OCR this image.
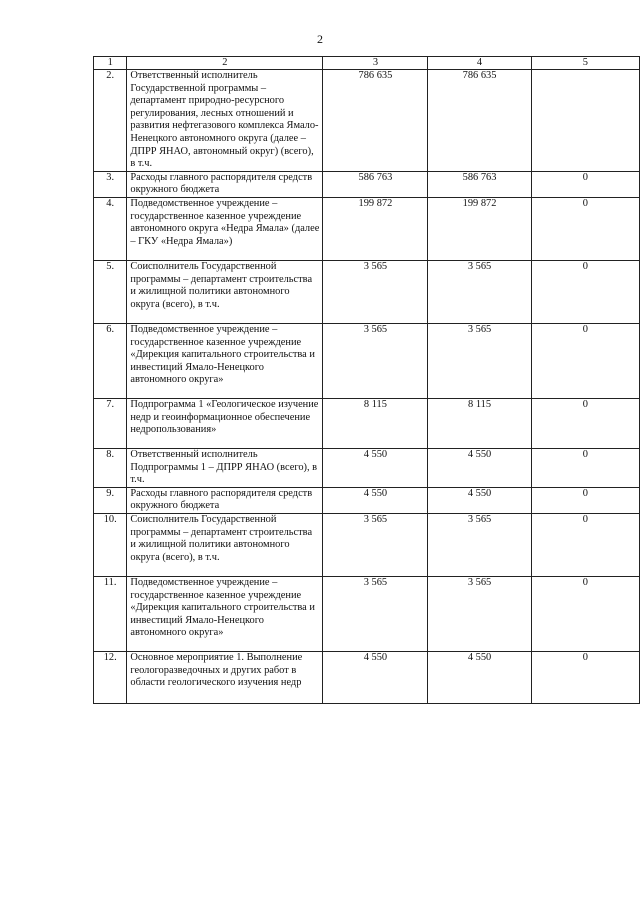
2
1	2	3	4	5
2.	Ответственный исполнитель Государственной программы – департамент природно-ресурсного регулирования, лесных отношений и развития нефтегазового комплекса Ямало- Ненецкого автономного округа (далее – ДПРР ЯНАО, автономный округ) (всего), в т.ч.	786 635	786 635	
3.	Расходы главного распорядителя средств окружного бюджета	586 763	586 763	0
4.	Подведомственное учреждение – государственное казенное учреждение автономного округа «Недра Ямала» (далее – ГКУ «Недра Ямала»)	199 872	199 872	0
5.	Соисполнитель Государственной программы – департамент строительства и жилищной политики автономного округа (всего), в т.ч.	3 565	3 565	0
6.	Подведомственное учреждение – государственное казенное учреждение «Дирекция капитального строительства и инвестиций Ямало-Ненецкого автономного округа»	3 565	3 565	0
7.	Подпрограмма 1 «Геологическое изучение недр и геоинформационное обеспечение недропользования»	8 115	8 115	0
8.	Ответственный исполнитель Подпрограммы 1 – ДПРР ЯНАО (всего), в т.ч.	4 550	4 550	0
9.	Расходы главного распорядителя средств окружного бюджета	4 550	4 550	0
10.	Соисполнитель Государственной программы – департамент строительства и жилищной политики автономного округа (всего), в т.ч.	3 565	3 565	0
11.	Подведомственное учреждение – государственное казенное учреждение «Дирекция капитального строительства и инвестиций Ямало-Ненецкого автономного округа»	3 565	3 565	0
12.	Основное мероприятие 1. Выполнение геологоразведочных и других работ в области геологического изучения недр	4 550	4 550	0
